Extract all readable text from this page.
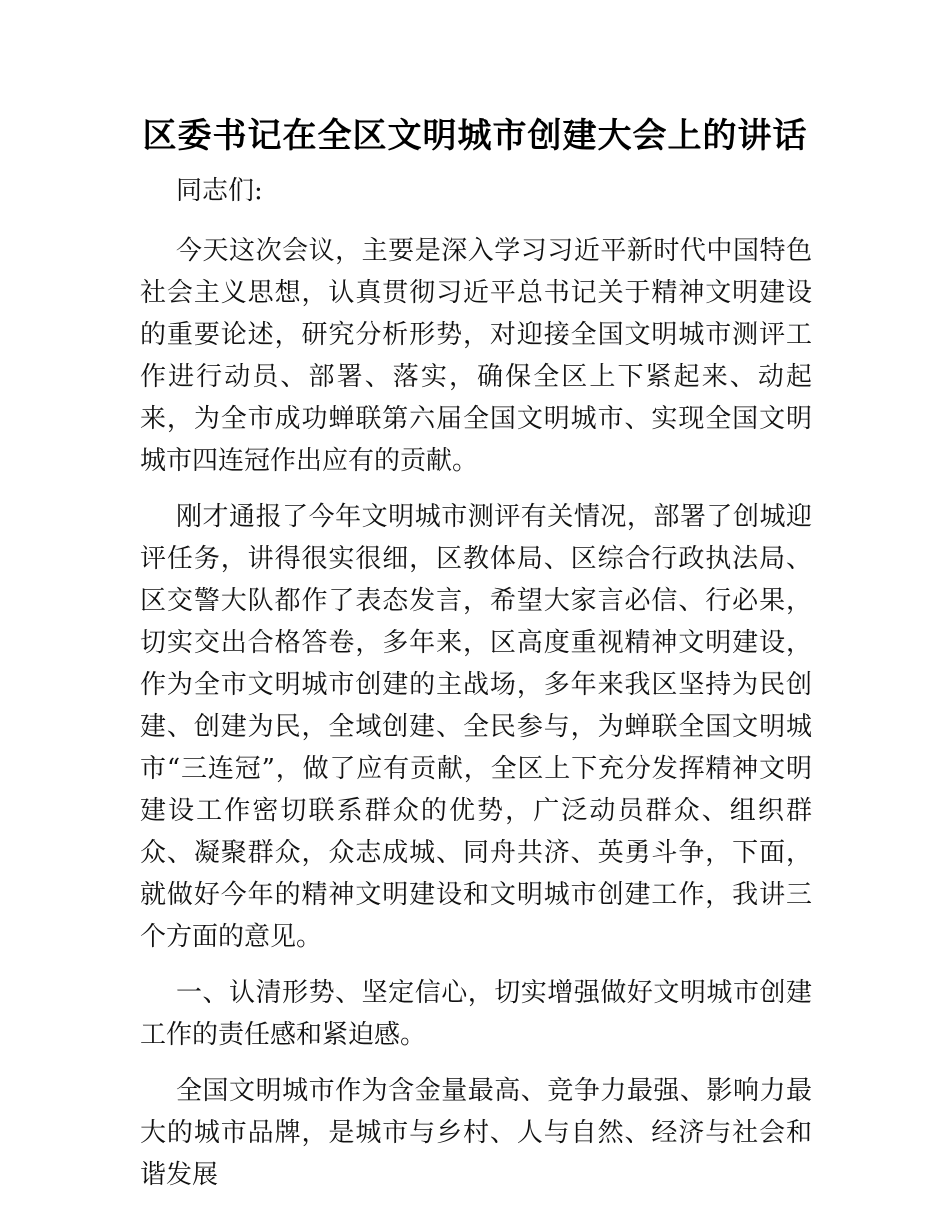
区委书记在全区文明城市创建大会上的讲话

同志们:

今天这次会议，主要是深入学习习近平新时代中国特色社会主义思想，认真贯彻习近平总书记关于精神文明建设的重要论述，研究分析形势，对迎接全国文明城市测评工作进行动员、部署、落实，确保全区上下紧起来、动起来，为全市成功蝉联第六届全国文明城市、实现全国文明城市四连冠作出应有的贡献。

刚才通报了今年文明城市测评有关情况，部署了创城迎评任务，讲得很实很细，区教体局、区综合行政执法局、区交警大队都作了表态发言，希望大家言必信、行必果，切实交出合格答卷，多年来，区高度重视精神文明建设，作为全市文明城市创建的主战场，多年来我区坚持为民创建、创建为民，全域创建、全民参与，为蝉联全国文明城市“三连冠”，做了应有贡献，全区上下充分发挥精神文明建设工作密切联系群众的优势，广泛动员群众、组织群众、凝聚群众，众志成城、同舟共济、英勇斗争，下面，就做好今年的精神文明建设和文明城市创建工作，我讲三个方面的意见。

一、认清形势、坚定信心，切实增强做好文明城市创建工作的责任感和紧迫感。

全国文明城市作为含金量最高、竞争力最强、影响力最大的城市品牌，是城市与乡村、人与自然、经济与社会和谐发展
